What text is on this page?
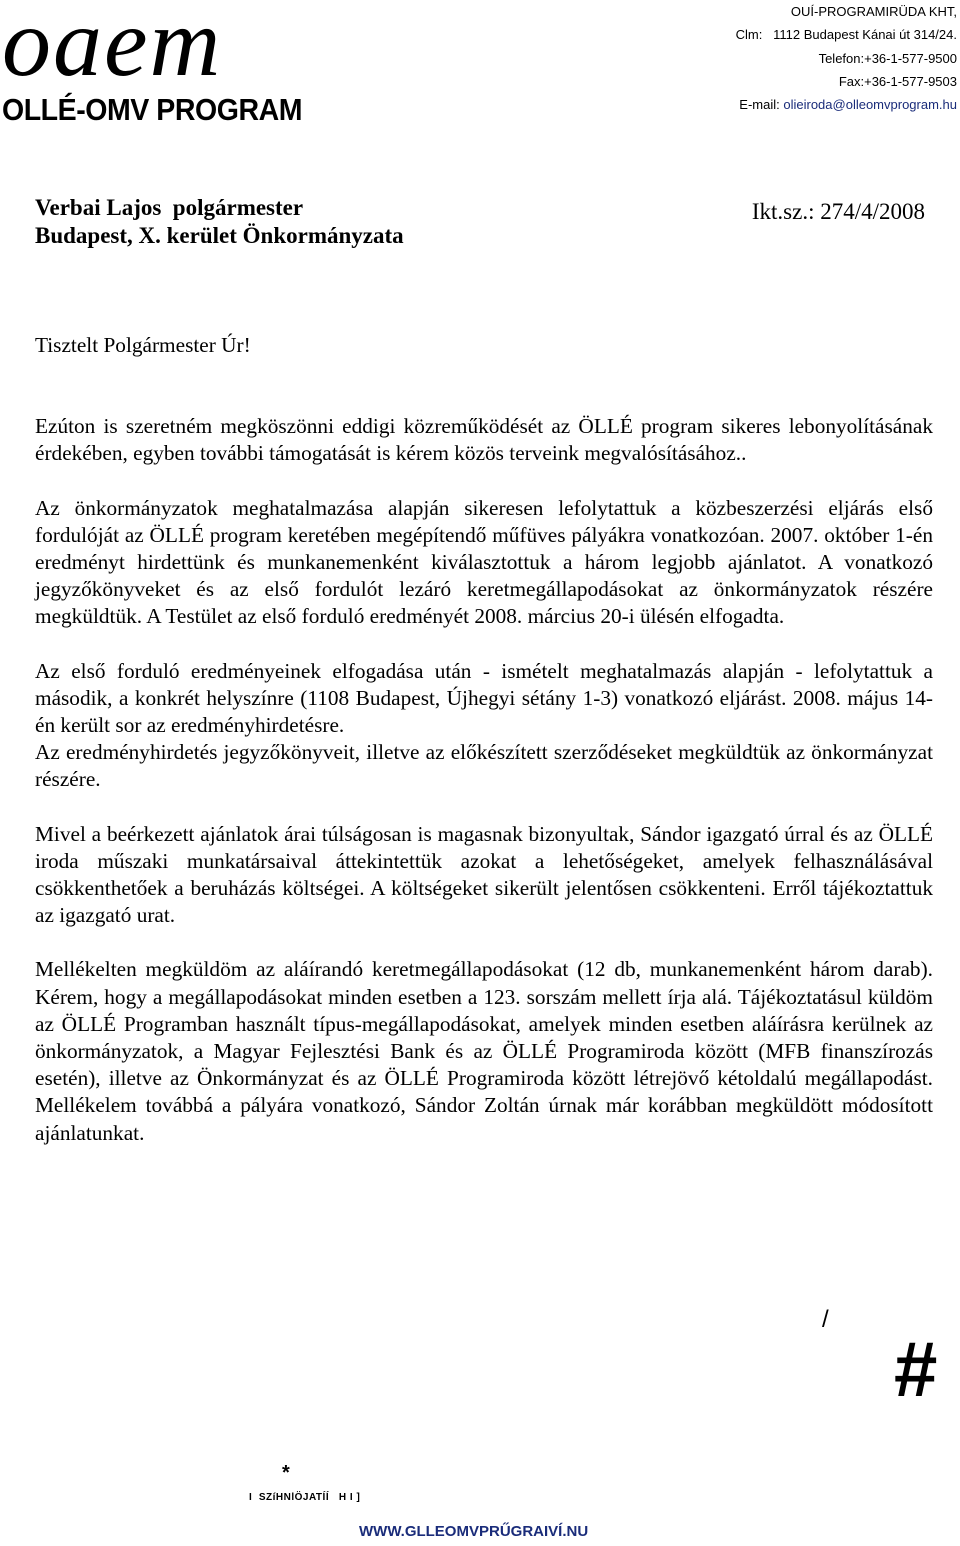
oaem
OLLÉ-OMV PROGRAM
OUÍ-PROGRAMIRÜDA KHT,
Clm: 1112 Budapest Kánai út 314/24.
Telefon:+36-1-577-9500
Fax:+36-1-577-9503
E-mail: olieiroda@olleomvprogram.hu
Verbai Lajos  polgármester
Budapest, X. kerület Önkormányzata
Ikt.sz.: 274/4/2008

Tisztelt Polgármester Úr!

Ezúton is szeretném megköszönni eddigi közreműködését az ÖLLÉ program sikeres lebonyolításának érdekében, egyben további támogatását is kérem közös terveink megvalósításához..

Az önkormányzatok meghatalmazása alapján sikeresen lefolytattuk a közbeszerzési eljárás első fordulóját az ÖLLÉ program keretében megépítendő műfüves pályákra vonatkozóan. 2007. október 1-én eredményt hirdettünk és munkanemenként kiválasztottuk a három legjobb ajánlatot. A vonatkozó jegyzőkönyveket és az első fordulót lezáró keretmegállapodásokat az önkormányzatok részére megküldtük. A Testület az első forduló eredményét 2008. március 20-i ülésén elfogadta.

Az első forduló eredményeinek elfogadása után - ismételt meghatalmazás alapján - lefolytattuk a második, a konkrét helyszínre (1108 Budapest, Újhegyi sétány 1-3) vonatkozó eljárást. 2008. május 14-én került sor az eredményhirdetésre.

Az eredményhirdetés jegyzőkönyveit, illetve az előkészített szerződéseket megküldtük az önkormányzat részére.

Mivel a beérkezett ajánlatok árai túlságosan is magasnak bizonyultak, Sándor igazgató úrral és az ÖLLÉ iroda műszaki munkatársaival áttekintettük azokat a lehetőségeket, amelyek felhasználásával csökkenthetőek a beruházás költségei. A költségeket sikerült jelentősen csökkenteni. Erről tájékoztattuk az igazgató urat.

Mellékelten megküldöm az aláírandó keretmegállapodásokat (12 db, munkanemenként három darab). Kérem, hogy a megállapodásokat minden esetben a 123. sorszám mellett írja alá. Tájékoztatásul küldöm az ÖLLÉ Programban használt típus-megállapodásokat, amelyek minden esetben aláírásra kerülnek az önkormányzatok, a Magyar Fejlesztési Bank és az ÖLLÉ Programiroda között (MFB finanszírozás esetén), illetve az Önkormányzat és az ÖLLÉ Programiroda között létrejövő kétoldalú megállapodást. Mellékelem továbbá a pályára vonatkozó, Sándor Zoltán úrnak már korábban megküldött módosított ajánlatunkat.

/
#
*
I  SZíHNlÖJATÍÍ   H I ]
WWW.GLLEOMVPRŰGRAIVÍ.NU
